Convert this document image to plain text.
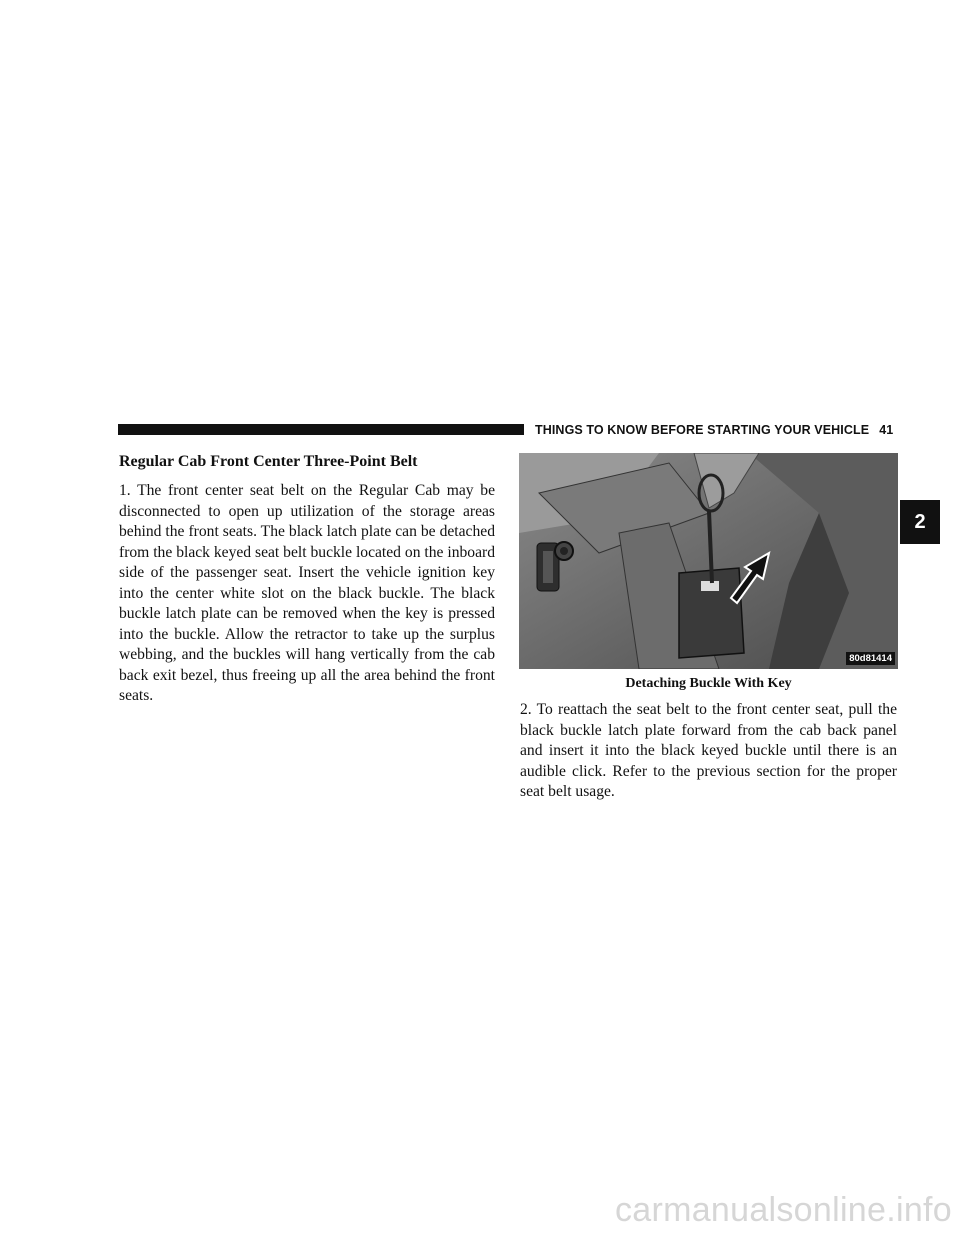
THINGS TO KNOW BEFORE STARTING YOUR VEHICLE 41
Regular Cab Front Center Three-Point Belt
1. The front center seat belt on the Regular Cab may be disconnected to open up utilization of the storage areas behind the front seats. The black latch plate can be detached from the black keyed seat belt buckle located on the inboard side of the passenger seat. Insert the vehicle ignition key into the center white slot on the black buckle. The black buckle latch plate can be removed when the key is pressed into the buckle. Allow the retractor to take up the surplus webbing, and the buckles will hang vertically from the cab back exit bezel, thus freeing up all the area behind the front seats.
80d81414
Detaching Buckle With Key
2. To reattach the seat belt to the front center seat, pull the black buckle latch plate forward from the cab back panel and insert it into the black keyed buckle until there is an audible click. Refer to the previous section for the proper seat belt usage.
2
carmanualsonline.info
